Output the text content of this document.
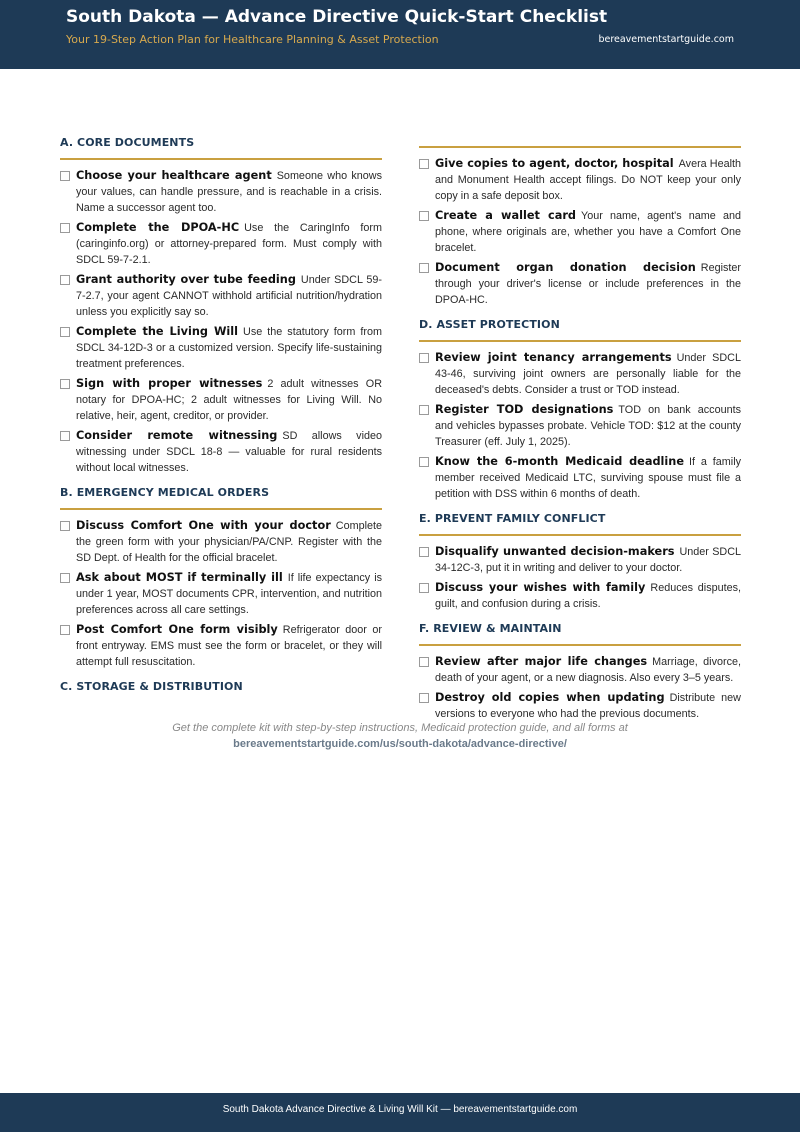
South Dakota — Advance Directive Quick-Start Checklist
Your 19-Step Action Plan for Healthcare Planning & Asset Protection	bereavementstartguide.com
A. CORE DOCUMENTS
Choose your healthcare agent Someone who knows your values, can handle pressure, and is reachable in a crisis. Name a successor agent too.
Complete the DPOA-HC Use the CaringInfo form (caringinfo.org) or attorney-prepared form. Must comply with SDCL 59-7-2.1.
Grant authority over tube feeding Under SDCL 59-7-2.7, your agent CANNOT withhold artificial nutrition/hydration unless you explicitly say so.
Complete the Living Will Use the statutory form from SDCL 34-12D-3 or a customized version. Specify life-sustaining treatment preferences.
Sign with proper witnesses 2 adult witnesses OR notary for DPOA-HC; 2 adult witnesses for Living Will. No relative, heir, agent, creditor, or provider.
Consider remote witnessing SD allows video witnessing under SDCL 18-8 — valuable for rural residents without local witnesses.
B. EMERGENCY MEDICAL ORDERS
Discuss Comfort One with your doctor Complete the green form with your physician/PA/CNP. Register with the SD Dept. of Health for the official bracelet.
Ask about MOST if terminally ill If life expectancy is under 1 year, MOST documents CPR, intervention, and nutrition preferences across all care settings.
Post Comfort One form visibly Refrigerator door or front entryway. EMS must see the form or bracelet, or they will attempt full resuscitation.
C. STORAGE & DISTRIBUTION
Give copies to agent, doctor, hospital Avera Health and Monument Health accept filings. Do NOT keep your only copy in a safe deposit box.
Create a wallet card Your name, agent's name and phone, where originals are, whether you have a Comfort One bracelet.
Document organ donation decision Register through your driver's license or include preferences in the DPOA-HC.
D. ASSET PROTECTION
Review joint tenancy arrangements Under SDCL 43-46, surviving joint owners are personally liable for the deceased's debts. Consider a trust or TOD instead.
Register TOD designations TOD on bank accounts and vehicles bypasses probate. Vehicle TOD: $12 at the county Treasurer (eff. July 1, 2025).
Know the 6-month Medicaid deadline If a family member received Medicaid LTC, surviving spouse must file a petition with DSS within 6 months of death.
E. PREVENT FAMILY CONFLICT
Disqualify unwanted decision-makers Under SDCL 34-12C-3, put it in writing and deliver to your doctor.
Discuss your wishes with family Reduces disputes, guilt, and confusion during a crisis.
F. REVIEW & MAINTAIN
Review after major life changes Marriage, divorce, death of your agent, or a new diagnosis. Also every 3–5 years.
Destroy old copies when updating Distribute new versions to everyone who had the previous documents.
Get the complete kit with step-by-step instructions, Medicaid protection guide, and all forms at
bereavementstartguide.com/us/south-dakota/advance-directive/
South Dakota Advance Directive & Living Will Kit — bereavementstartguide.com
